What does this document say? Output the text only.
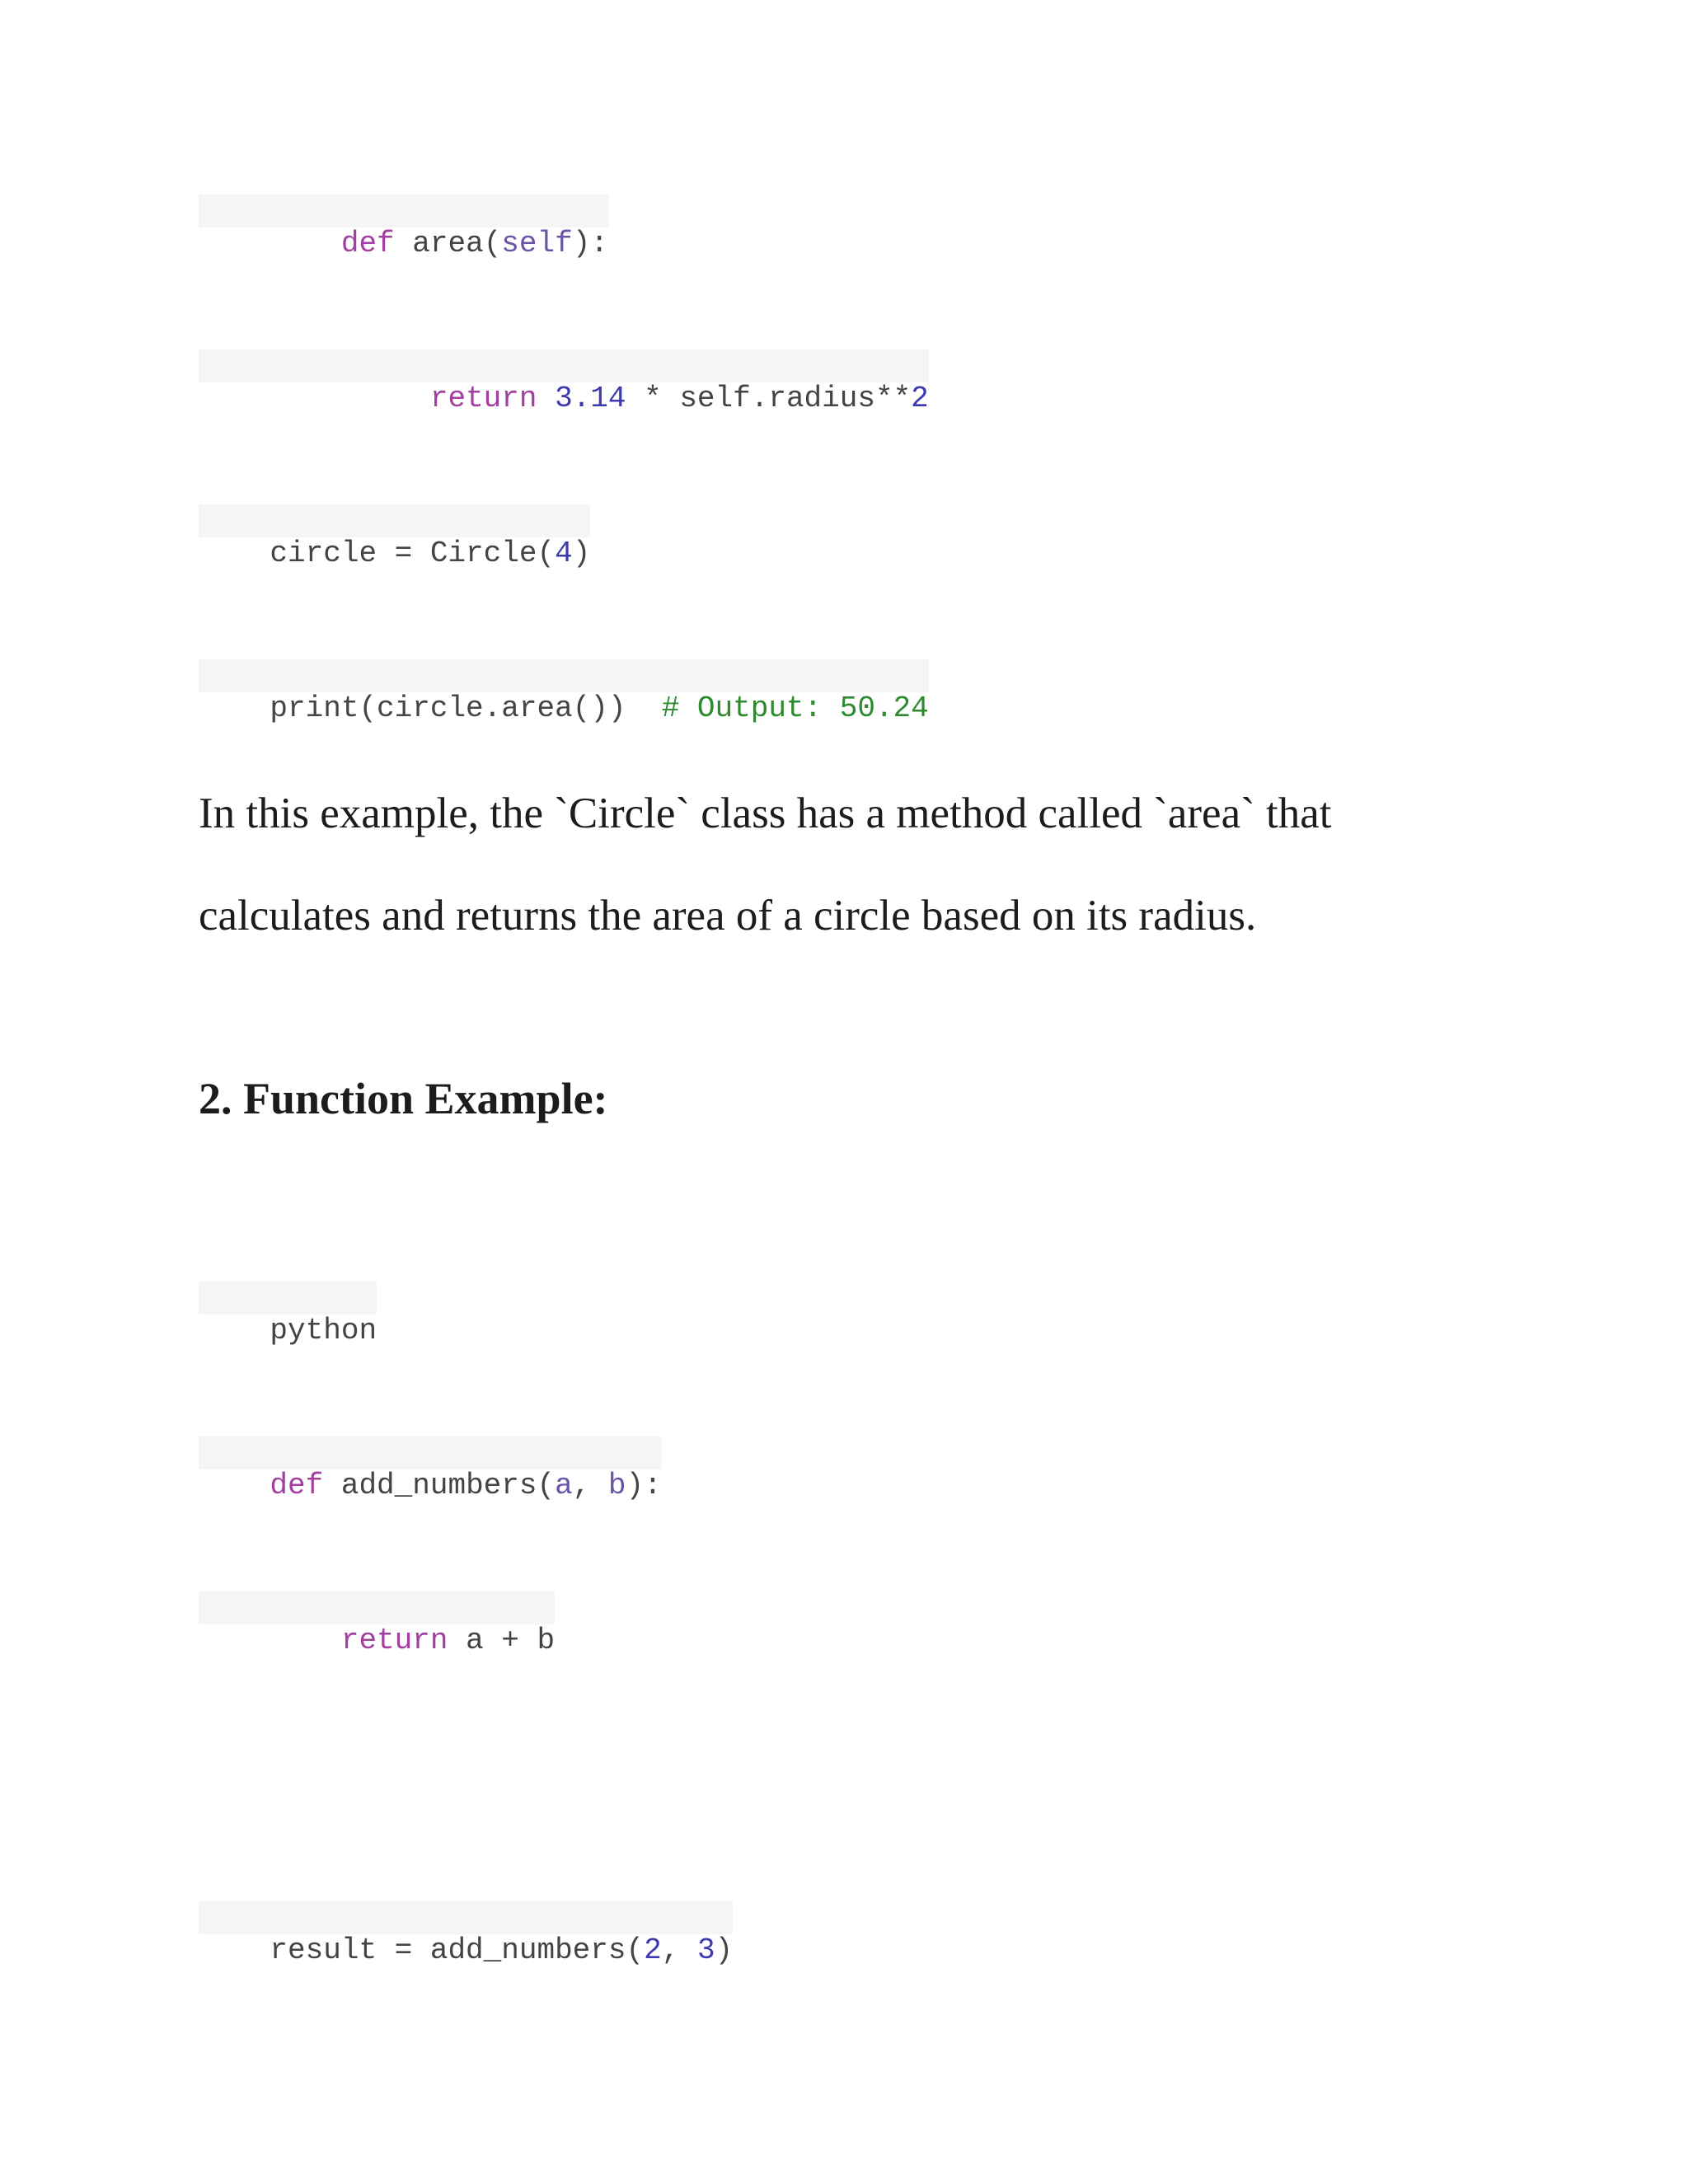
def area(self):

return 3.14 * self.radius**2

circle = Circle(4)

print(circle.area())  # Output: 50.24

In this example, the `Circle` class has a method called `area` that
calculates and returns the area of a circle based on its radius.
2. Function Example:

python

def add_numbers(a, b):

return a + b

result = add_numbers(2, 3)
